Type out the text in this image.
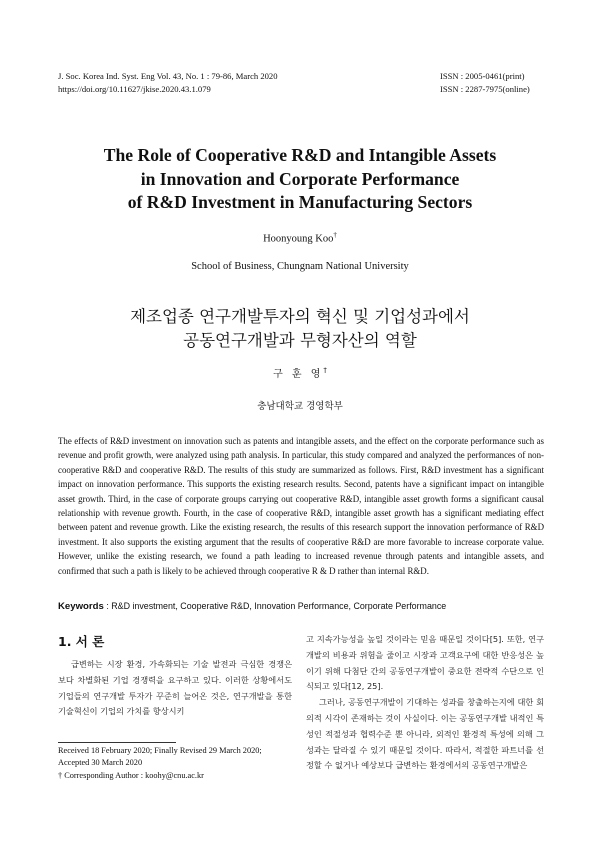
J. Soc. Korea Ind. Syst. Eng Vol. 43, No. 1 : 79-86, March 2020
https://doi.org/10.11627/jkise.2020.43.1.079
ISSN : 2005-0461(print)
ISSN : 2287-7975(online)
The Role of Cooperative R&D and Intangible Assets
in Innovation and Corporate Performance
of R&D Investment in Manufacturing Sectors
Hoonyoung Koo†
School of Business, Chungnam National University
제조업종 연구개발투자의 혁신 및 기업성과에서
공동연구개발과 무형자산의 역할
구 훈 영†
충남대학교 경영학부

The effects of R&D investment on innovation such as patents and intangible assets, and the effect on the corporate performance such as revenue and profit growth, were analyzed using path analysis. In particular, this study compared and analyzed the performances of non-cooperative R&D and cooperative R&D. The results of this study are summarized as follows. First, R&D investment has a significant impact on innovation performance. This supports the existing research results. Second, patents have a significant impact on intangible asset growth. Third, in the case of corporate groups carrying out cooperative R&D, intangible asset growth forms a significant causal relationship with revenue growth. Fourth, in the case of cooperative R&D, intangible asset growth has a significant mediating effect between patent and revenue growth. Like the existing research, the results of this research support the innovation performance of R&D investment. It also supports the existing argument that the results of cooperative R&D are more favorable to increase corporate value. However, unlike the existing research, we found a path leading to increased revenue through patents and intangible assets, and confirmed that such a path is likely to be achieved through cooperative R & D rather than internal R&D.

Keywords : R&D investment, Cooperative R&D, Innovation Performance, Corporate Performance
1. 서 론

급변하는 시장 환경, 가속화되는 기술 발전과 극심한 경쟁은 보다 차별화된 기업 경쟁력을 요구하고 있다. 이러한 상황에서도 기업들의 연구개발 투자가 꾸준히 늘어온 것은, 연구개발을 통한 기술혁신이 기업의 가치를 향상시키

고 지속가능성을 높일 것이라는 믿음 때문일 것이다[5]. 또한, 연구개발의 비용과 위험을 줄이고 시장과 고객요구에 대한 반응성은 높이기 위해 다첨단 간의 공동연구개발이 중요한 전략적 수단으로 인식되고 있다[12, 25].

그러나, 공동연구개발이 기대하는 성과를 창출하는지에 대한 회의적 시각이 존재하는 것이 사실이다. 이는 공동연구개발 내적인 특성인 적절성과 협력수준 뿐 아니라, 외적인 환경적 특성에 의해 그 성과는 달라질 수 있기 때문일 것이다. 따라서, 적절한 파트너를 선정할 수 없거나 예상보다 급변하는 환경에서의 공동연구개발은

Received 18 February 2020; Finally Revised 29 March 2020;
Accepted 30 March 2020
† Corresponding Author : koohy@cnu.ac.kr
